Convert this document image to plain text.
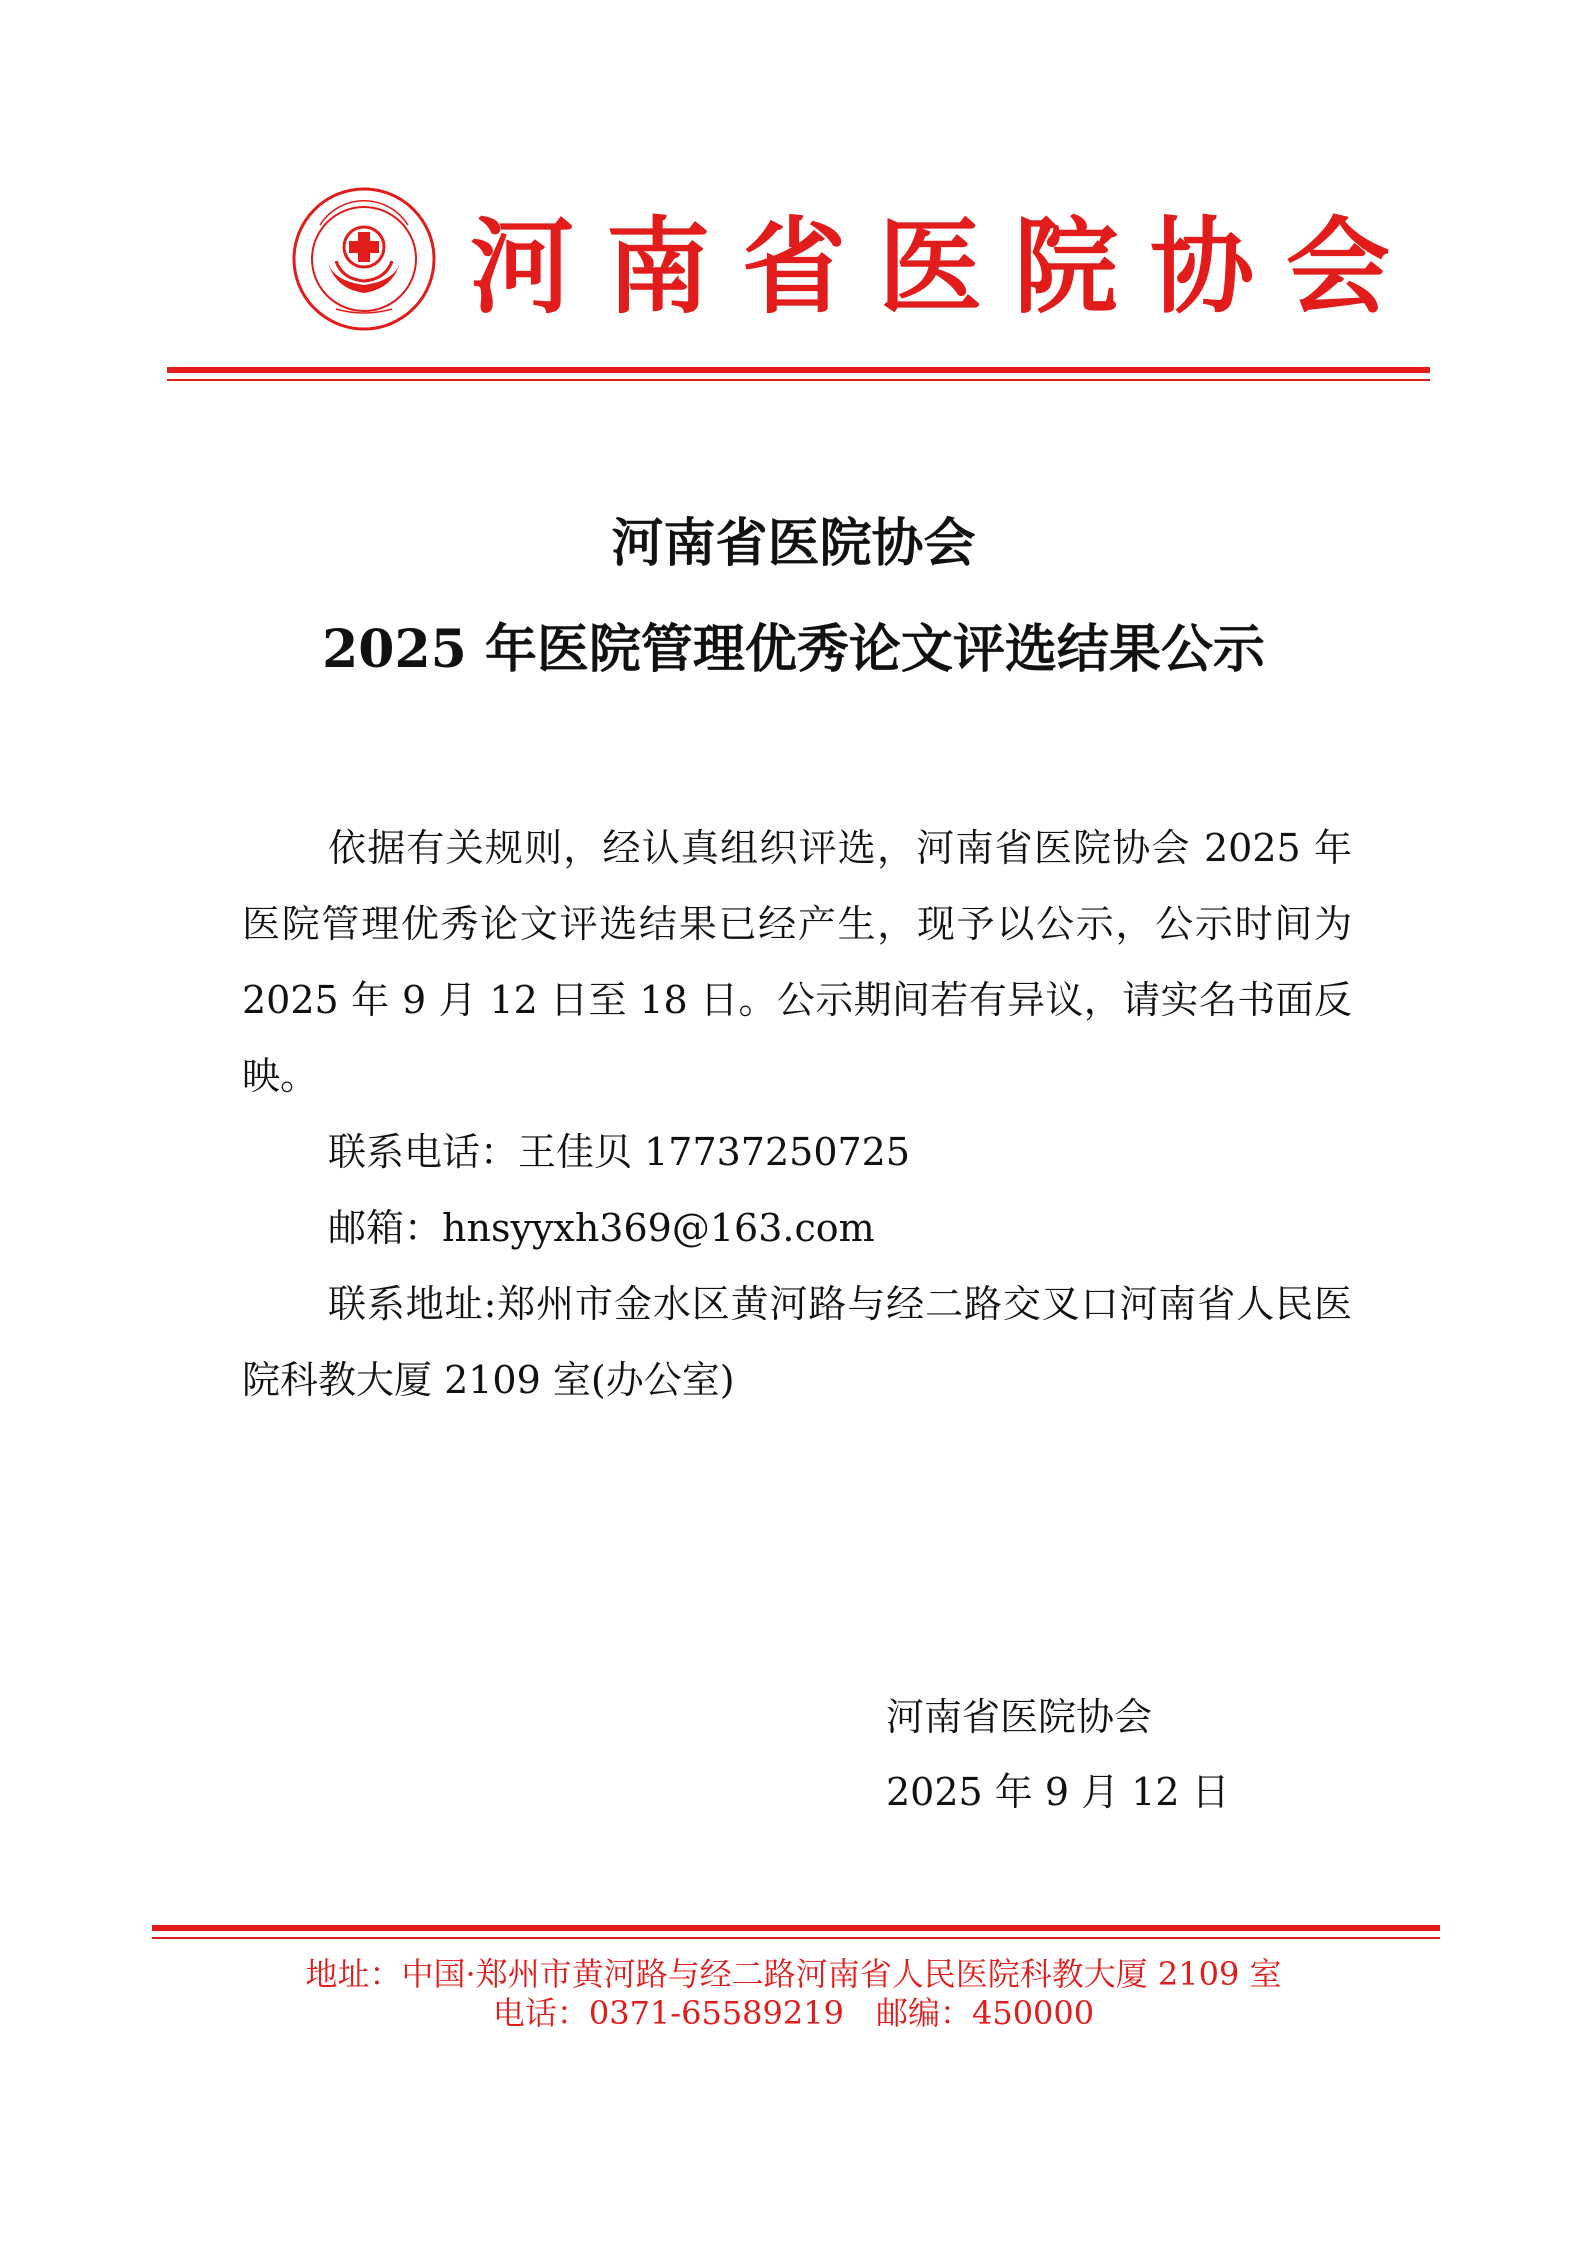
河南省医院协会
河南省医院协会
2025 年医院管理优秀论文评选结果公示

依据有关规则，经认真组织评选，河南省医院协会 2025 年医院管理优秀论文评选结果已经产生，现予以公示，公示时间为 2025 年 9 月 12 日至 18 日。公示期间若有异议，请实名书面反映。

联系电话：王佳贝 17737250725

邮箱：hnsyyxh369@163.com

联系地址:郑州市金水区黄河路与经二路交叉口河南省人民医院科教大厦 2109 室(办公室)

河南省医院协会
2025 年 9 月 12 日
地址：中国·郑州市黄河路与经二路河南省人民医院科教大厦 2109 室
电话：0371-65589219　邮编：450000
